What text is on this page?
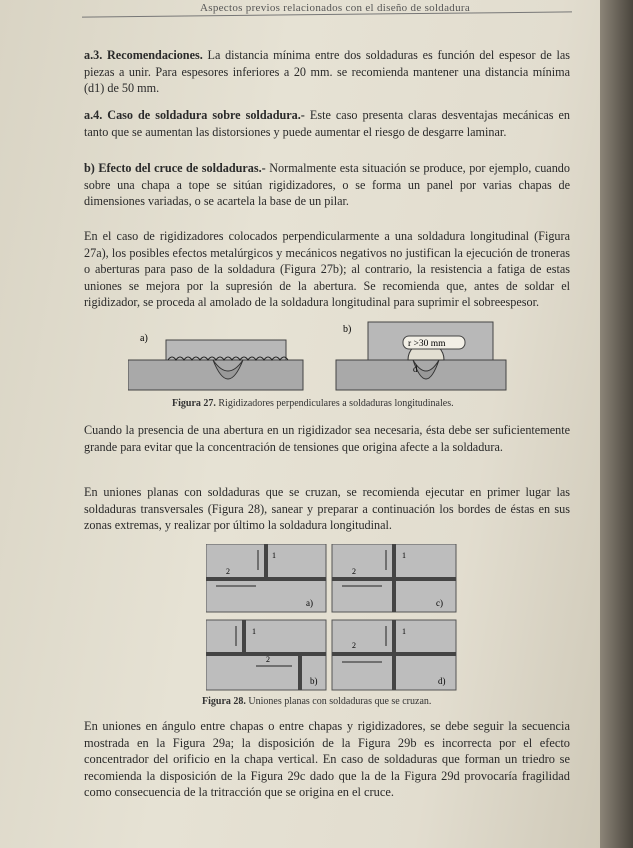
Aspectos previos relacionados con el diseño de soldadura
a.3. Recomendaciones. La distancia mínima entre dos soldaduras es función del espesor de las piezas a unir. Para espesores inferiores a 20 mm. se recomienda mantener una distancia mínima (d1) de 50 mm.
a.4. Caso de soldadura sobre soldadura.- Este caso presenta claras desventajas mecánicas en tanto que se aumentan las distorsiones y puede aumentar el riesgo de desgarre laminar.
b) Efecto del cruce de soldaduras.- Normalmente esta situación se produce, por ejemplo, cuando sobre una chapa a tope se sitúan rigidizadores, o se forma un panel por varias chapas de dimensiones variadas, o se acartela la base de un pilar.
En el caso de rigidizadores colocados perpendicularmente a una soldadura longitudinal (Figura 27a), los posibles efectos metalúrgicos y mecánicos negativos no justifican la ejecución de troneras o aberturas para paso de la soldadura (Figura 27b); al contrario, la resistencia a fatiga de estas uniones se mejora por la supresión de la abertura. Se recomienda que, antes de soldar el rigidizador, se proceda al amolado de la soldadura longitudinal para suprimir el sobreespesor.
a)
b)
r >30 mm
d
Figura 27. Rigidizadores perpendiculares a soldaduras longitudinales.
Cuando la presencia de una abertura en un rigidizador sea necesaria, ésta debe ser suficientemente grande para evitar que la concentración de tensiones que origina afecte a la soldadura.
En uniones planas con soldaduras que se cruzan, se recomienda ejecutar en primer lugar las soldaduras transversales (Figura 28), sanear y preparar a continuación los bordes de éstas en sus zonas extremas, y realizar por último la soldadura longitudinal.
1
2
a)
1
2
c)
1
2
b)
1
2
d)
Figura 28. Uniones planas con soldaduras que se cruzan.
En uniones en ángulo entre chapas o entre chapas y rigidizadores, se debe seguir la secuencia mostrada en la Figura 29a; la disposición de la Figura 29b es incorrecta por el efecto concentrador del orificio en la chapa vertical. En caso de soldaduras que forman un triedro se recomienda la disposición de la Figura 29c dado que la de la Figura 29d provocaría fragilidad como consecuencia de la tritracción que se origina en el cruce.
